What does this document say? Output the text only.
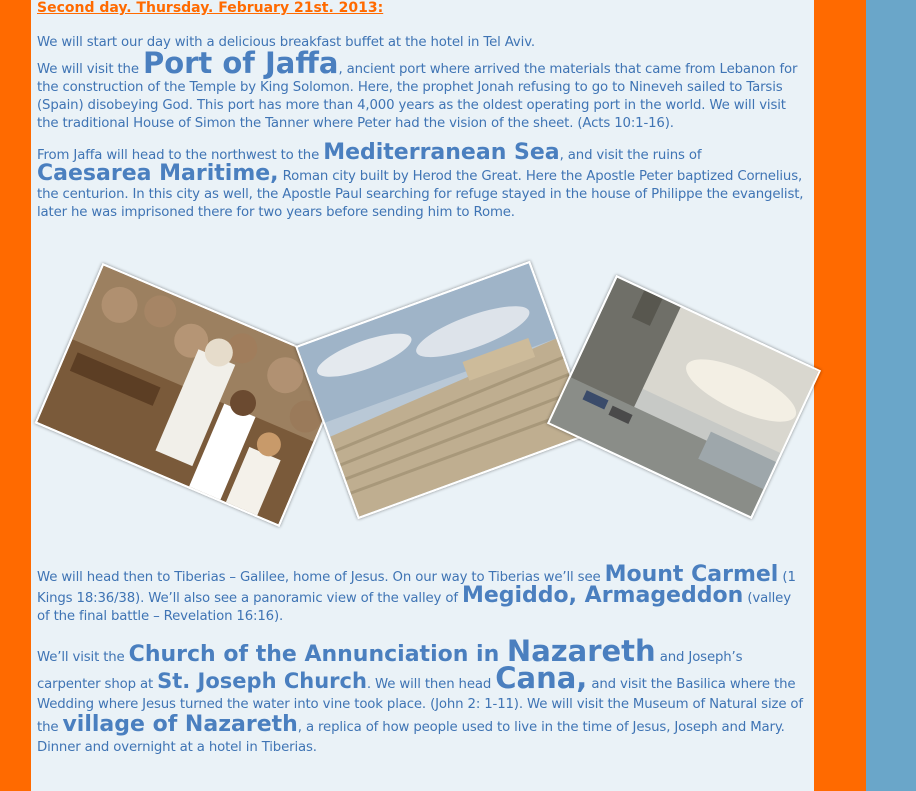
Second day. Thursday. February 21st. 2013:
We will start our day with a delicious breakfast buffet at the hotel in Tel Aviv.
We will visit the Port of Jaffa, ancient port where arrived the materials that came from Lebanon for the construction of the Temple by King Solomon. Here, the prophet Jonah refusing to go to Nineveh sailed to Tarsis (Spain) disobeying God. This port has more than 4,000 years as the oldest operating port in the world. We will visit the traditional House of Simon the Tanner where Peter had the vision of the sheet. (Acts 10:1-16).
From Jaffa will head to the northwest to the Mediterranean Sea, and visit the ruins of Caesarea Maritime, Roman city built by Herod the Great. Here the Apostle Peter baptized Cornelius, the centurion. In this city as well, the Apostle Paul searching for refuge stayed in the house of Philippe the evangelist, later he was imprisoned there for two years before sending him to Rome.
We will head then to Tiberias – Galilee, home of Jesus. On our way to Tiberias we’ll see Mount Carmel (1 Kings 18:36/38). We’ll also see a panoramic view of the valley of Megiddo, Armageddon (valley of the final battle – Revelation 16:16).
We’ll visit the Church of the Annunciation in Nazareth and Joseph’s carpenter shop at St. Joseph Church. We will then head Cana, and visit the Basilica where the Wedding where Jesus turned the water into vine took place. (John 2: 1-11). We will visit the Museum of Natural size of the village of Nazareth, a replica of how people used to live in the time of Jesus, Joseph and Mary. Dinner and overnight at a hotel in Tiberias.
